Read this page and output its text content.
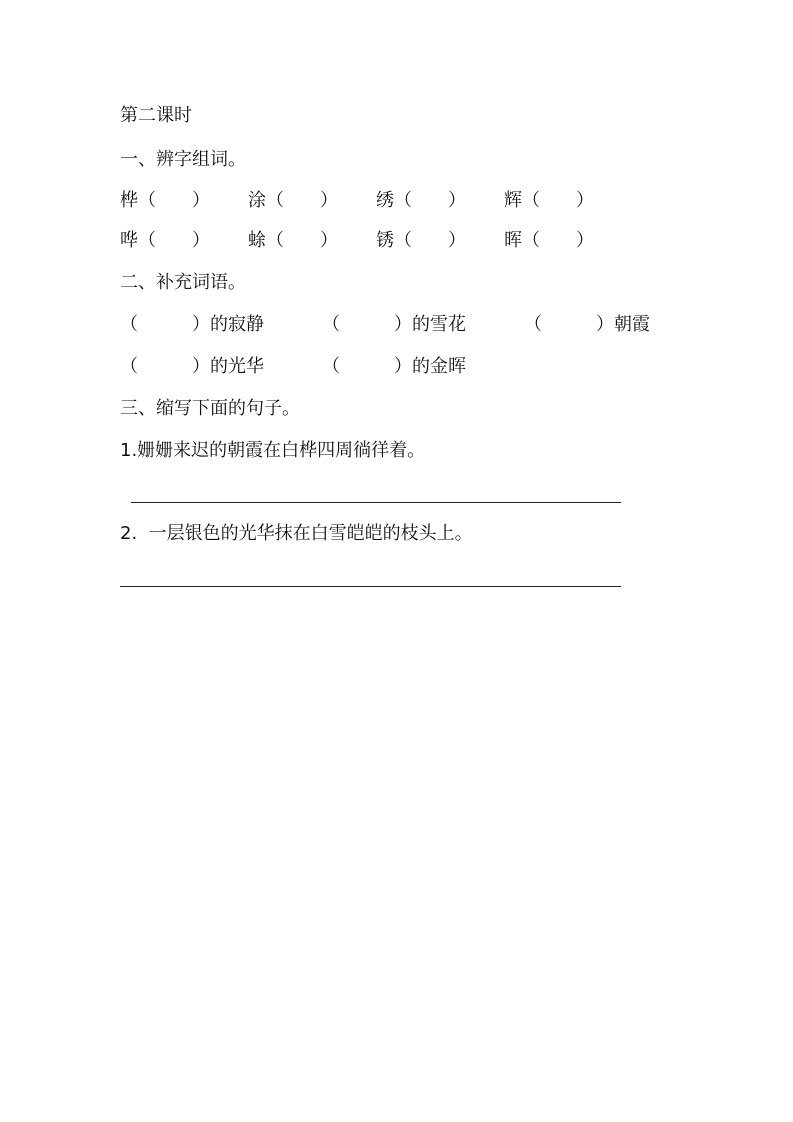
第二课时
一、辨字组词。
桦（　　） 涂（　　） 绣（　　） 辉（　　）
哗（　　） 蜍（　　） 锈（　　） 晖（　　）
二、补充词语。
（　　　）的寂静	（　　　）的雪花	（　　　）朝霞
（　　　）的光华	（　　　）的金晖
三、缩写下面的句子。
1.姗姗来迟的朝霞在白桦四周徜徉着。
2.  一层银色的光华抹在白雪皑皑的枝头上。
